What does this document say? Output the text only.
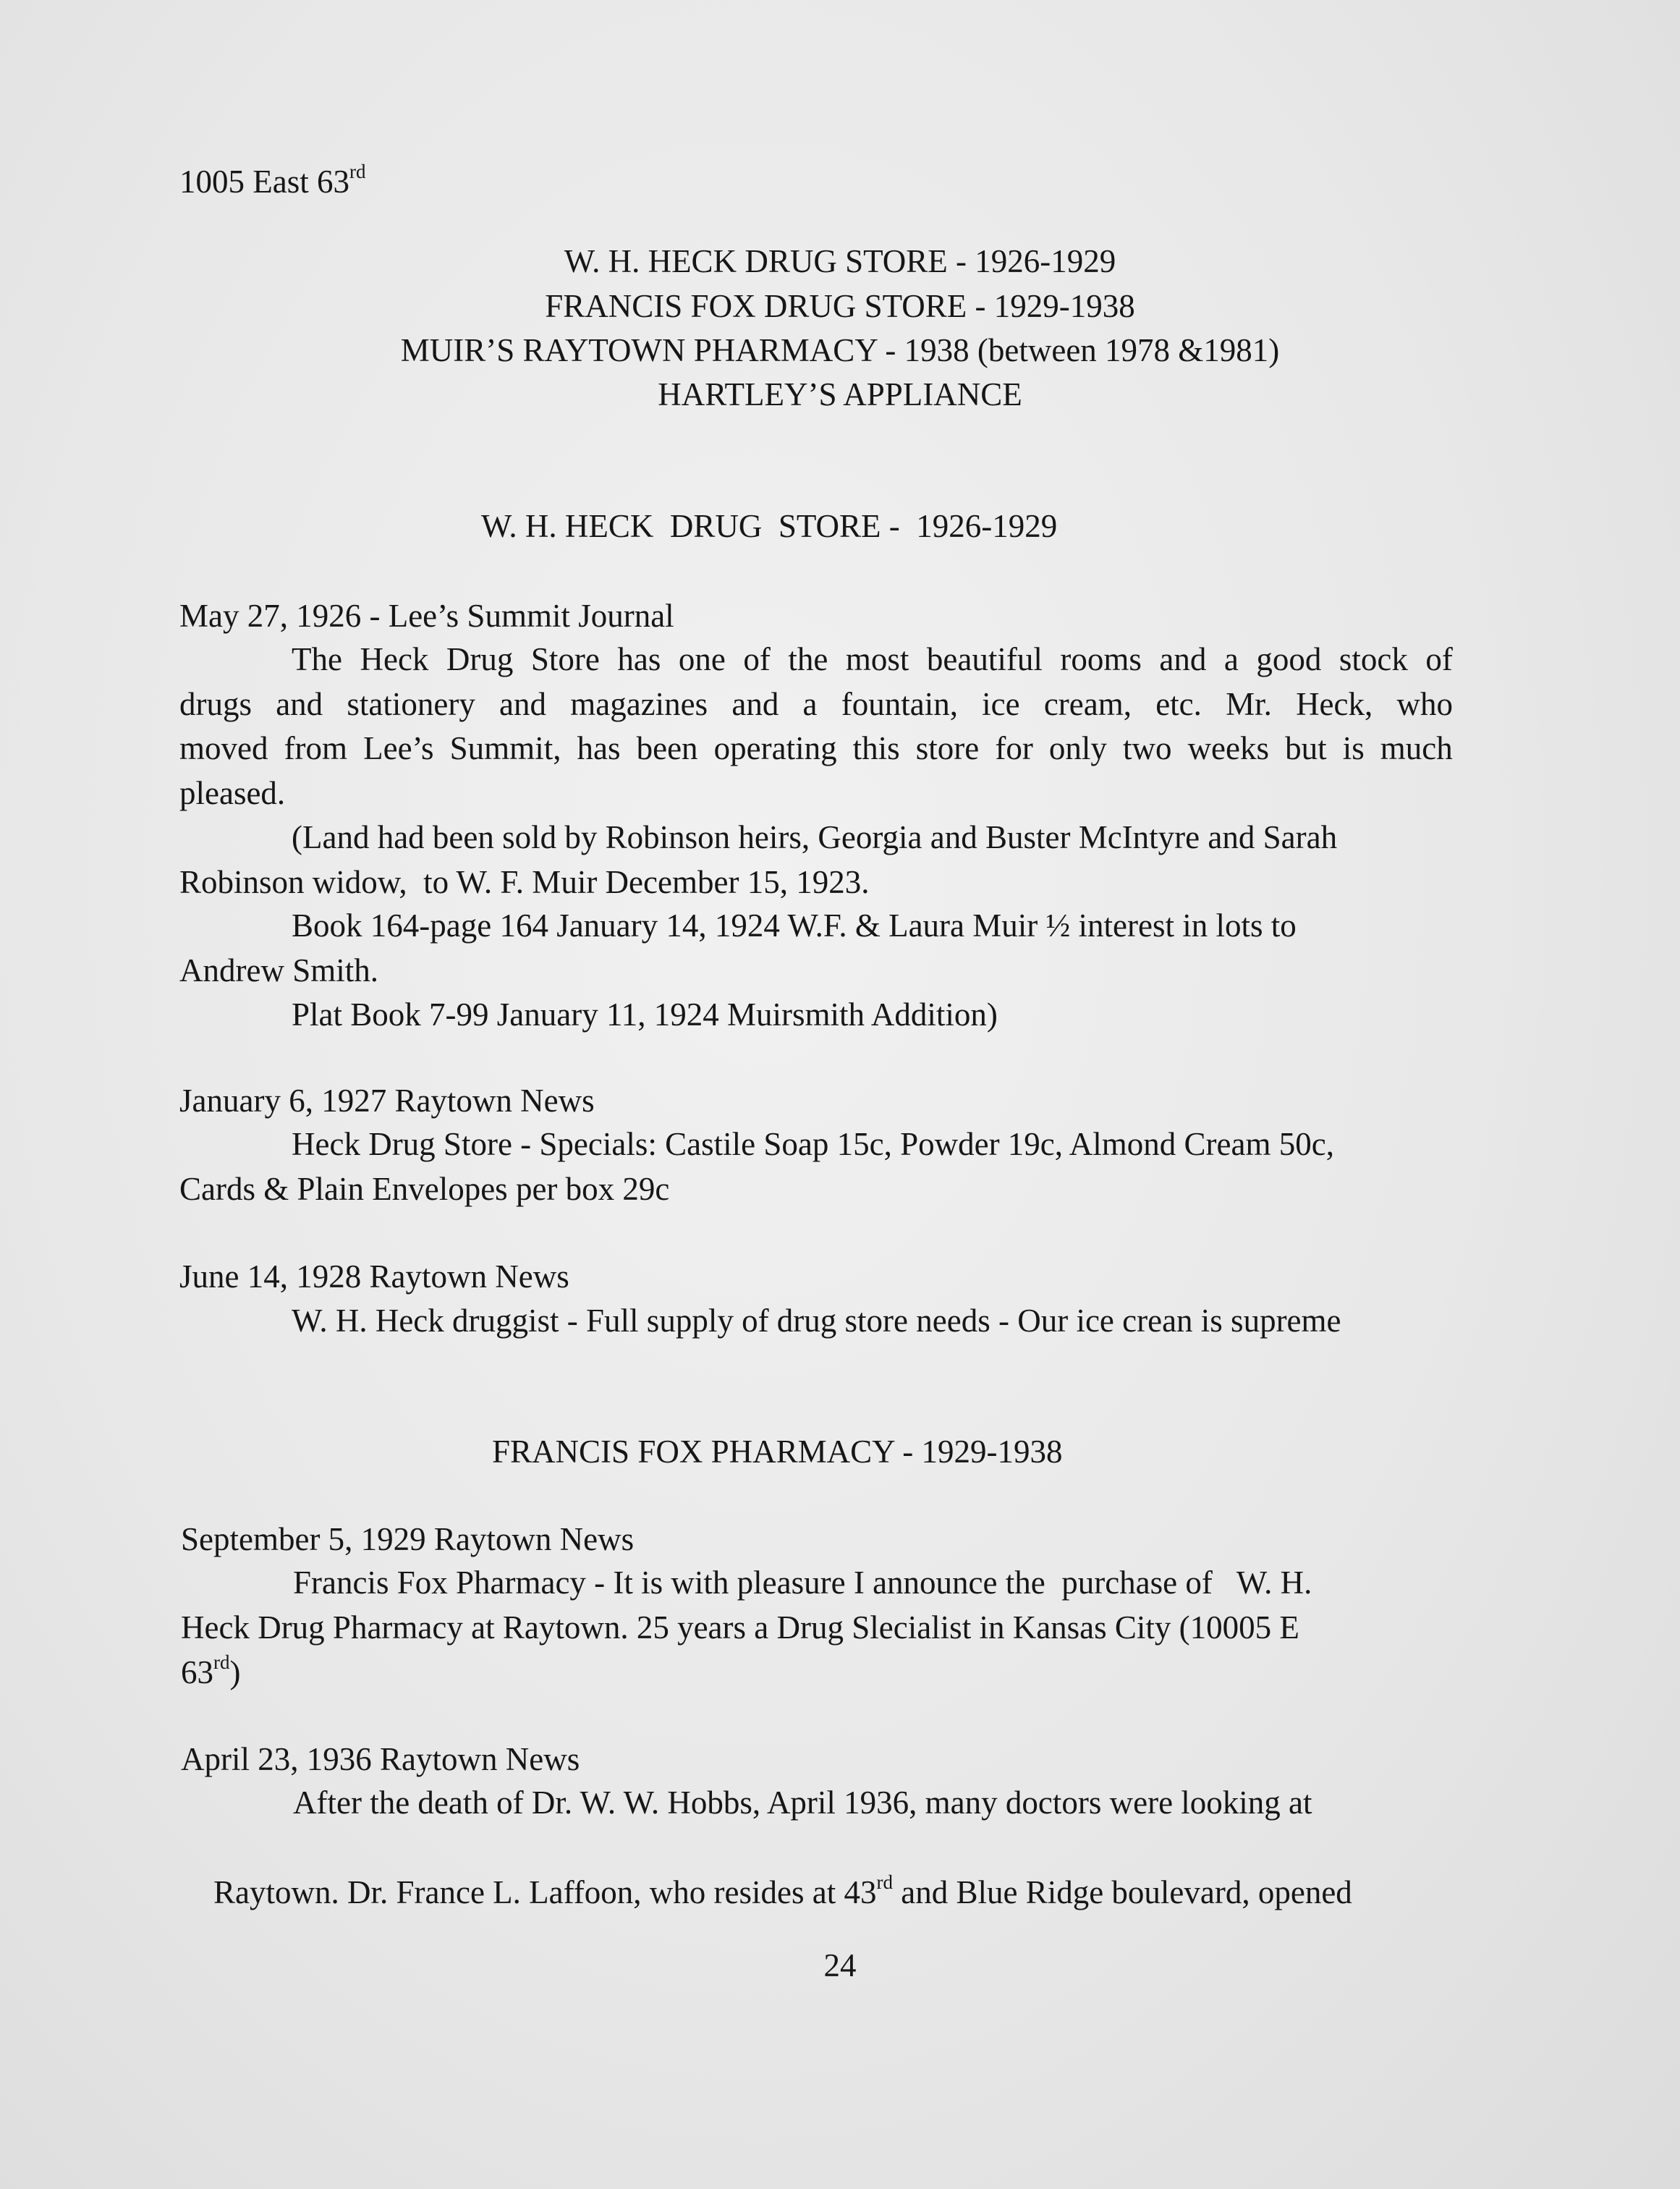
1005 East 63rd
W. H. HECK DRUG STORE - 1926-1929
FRANCIS FOX DRUG STORE - 1929-1938
MUIR’S RAYTOWN PHARMACY - 1938 (between 1978 &1981)
HARTLEY’S APPLIANCE
W. H. HECK  DRUG  STORE -  1926-1929
May 27, 1926 - Lee’s Summit Journal
The Heck Drug Store has one of the most beautiful rooms and a good stock of
drugs and stationery and magazines and a fountain, ice cream, etc. Mr. Heck, who
moved from Lee’s Summit, has been operating this store for only two weeks but is much
pleased.
(Land had been sold by Robinson heirs, Georgia and Buster McIntyre and Sarah
Robinson widow,  to W. F. Muir December 15, 1923.
Book 164-page 164 January 14, 1924 W.F. & Laura Muir ½ interest in lots to
Andrew Smith.
Plat Book 7-99 January 11, 1924 Muirsmith Addition)
January 6, 1927 Raytown News
Heck Drug Store - Specials: Castile Soap 15c, Powder 19c, Almond Cream 50c,
Cards & Plain Envelopes per box 29c
June 14, 1928 Raytown News
W. H. Heck druggist - Full supply of drug store needs - Our ice crean is supreme
FRANCIS FOX PHARMACY - 1929-1938
September 5, 1929 Raytown News
Francis Fox Pharmacy - It is with pleasure I announce the  purchase of   W. H.
Heck Drug Pharmacy at Raytown. 25 years a Drug Slecialist in Kansas City (10005 E
63rd)
April 23, 1936 Raytown News
After the death of Dr. W. W. Hobbs, April 1936, many doctors were looking at

Raytown. Dr. France L. Laffoon, who resides at 43rd and Blue Ridge boulevard, opened

24
